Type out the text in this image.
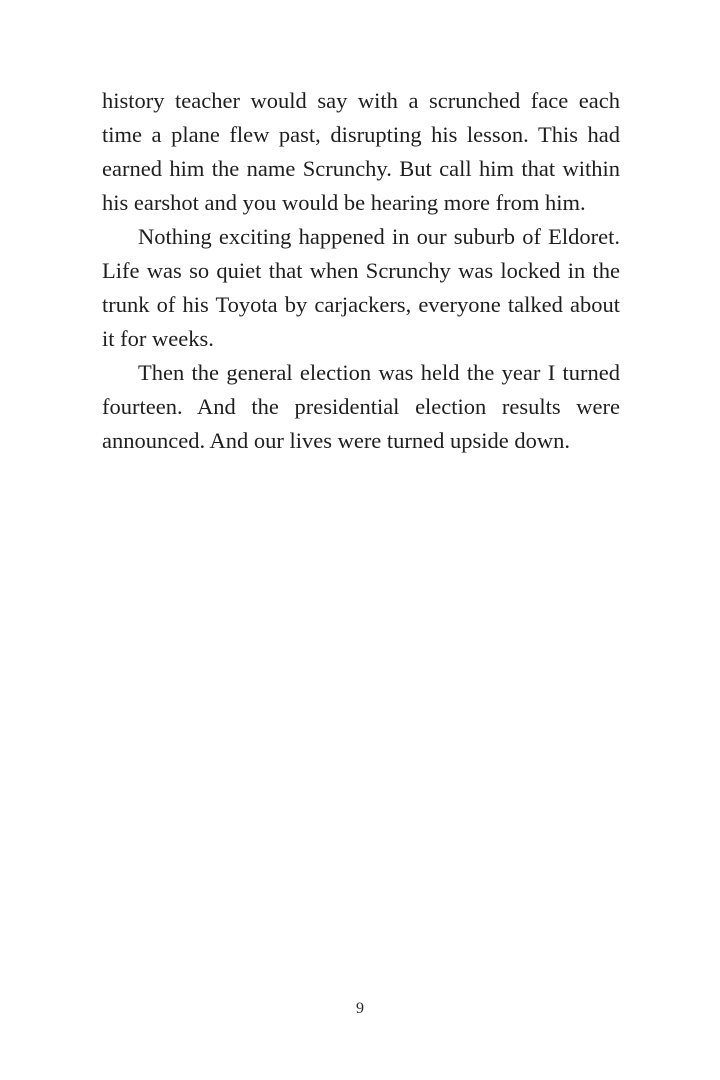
history teacher would say with a scrunched face each time a plane flew past, disrupting his lesson. This had earned him the name Scrunchy. But call him that within his earshot and you would be hearing more from him.

Nothing exciting happened in our suburb of Eldoret. Life was so quiet that when Scrunchy was locked in the trunk of his Toyota by carjackers, everyone talked about it for weeks.

Then the general election was held the year I turned fourteen. And the presidential election results were announced. And our lives were turned upside down.

9
